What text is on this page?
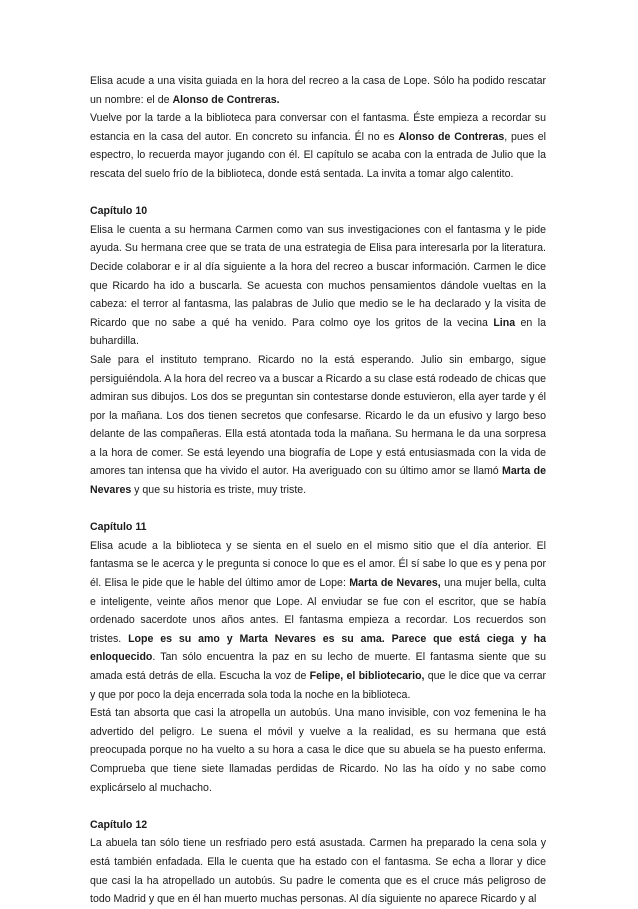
Elisa acude a una visita guiada en la hora del recreo a la casa de Lope. Sólo ha podido rescatar un nombre: el de Alonso de Contreras.

Vuelve por la tarde a la biblioteca para conversar con el fantasma. Éste empieza a recordar su estancia en la casa del autor. En concreto su infancia. Él no es Alonso de Contreras, pues el espectro, lo recuerda mayor jugando con él. El capítulo se acaba con la entrada de Julio que la rescata del suelo frío de la biblioteca, donde está sentada. La invita a tomar algo calentito.

Capítulo 10

Elisa le cuenta a su hermana Carmen como van sus investigaciones con el fantasma y le pide ayuda. Su hermana cree que se trata de una estrategia de Elisa para interesarla por la literatura. Decide colaborar e ir al día siguiente a la hora del recreo a buscar información. Carmen le dice que Ricardo ha ido a buscarla. Se acuesta con muchos pensamientos dándole vueltas en la cabeza: el terror al fantasma, las palabras de Julio que medio se le ha declarado y la visita de Ricardo que no sabe a qué ha venido. Para colmo oye los gritos de la vecina Lina en la buhardilla.

Sale para el instituto temprano. Ricardo no la está esperando. Julio sin embargo, sigue persiguiéndola. A la hora del recreo va a buscar a Ricardo a su clase está rodeado de chicas que admiran sus dibujos. Los dos se preguntan sin contestarse donde estuvieron, ella ayer tarde y él por la mañana. Los dos tienen secretos que confesarse. Ricardo le da un efusivo y largo beso delante de las compañeras. Ella está atontada toda la mañana. Su hermana le da una sorpresa a la hora de comer. Se está leyendo una biografía de Lope y está entusiasmada con la vida de amores tan intensa que ha vivido el autor. Ha averiguado con su último amor se llamó Marta de Nevares y que su historia es triste, muy triste.

Capítulo 11

Elisa acude a la biblioteca y se sienta en el suelo en el mismo sitio que el día anterior. El fantasma se le acerca y le pregunta si conoce lo que es el amor. Él sí sabe lo que es y pena por él. Elisa le pide que le hable del último amor de Lope: Marta de Nevares, una mujer bella, culta e inteligente, veinte años menor que Lope. Al enviudar se fue con el escritor, que se había ordenado sacerdote unos años antes. El fantasma empieza a recordar. Los recuerdos son tristes. Lope es su amo y Marta Nevares es su ama. Parece que está ciega y ha enloquecido. Tan sólo encuentra la paz en su lecho de muerte. El fantasma siente que su amada está detrás de ella. Escucha la voz de Felipe, el bibliotecario, que le dice que va cerrar y que por poco la deja encerrada sola toda la noche en la biblioteca.

Está tan absorta que casi la atropella un autobús. Una mano invisible, con voz femenina le ha advertido del peligro. Le suena el móvil y vuelve a la realidad, es su hermana que está preocupada porque no ha vuelto a su hora a casa le dice que su abuela se ha puesto enferma. Comprueba que tiene siete llamadas perdidas de Ricardo. No las ha oído y no sabe como explicárselo al muchacho.

Capítulo 12

La abuela tan sólo tiene un resfriado pero está asustada. Carmen ha preparado la cena sola y está también enfadada. Ella le cuenta que ha estado con el fantasma. Se echa a llorar y dice que casi la ha atropellado un autobús. Su padre le comenta que es el cruce más peligroso de todo Madrid y que en él han muerto muchas personas. Al día siguiente no aparece Ricardo y al
